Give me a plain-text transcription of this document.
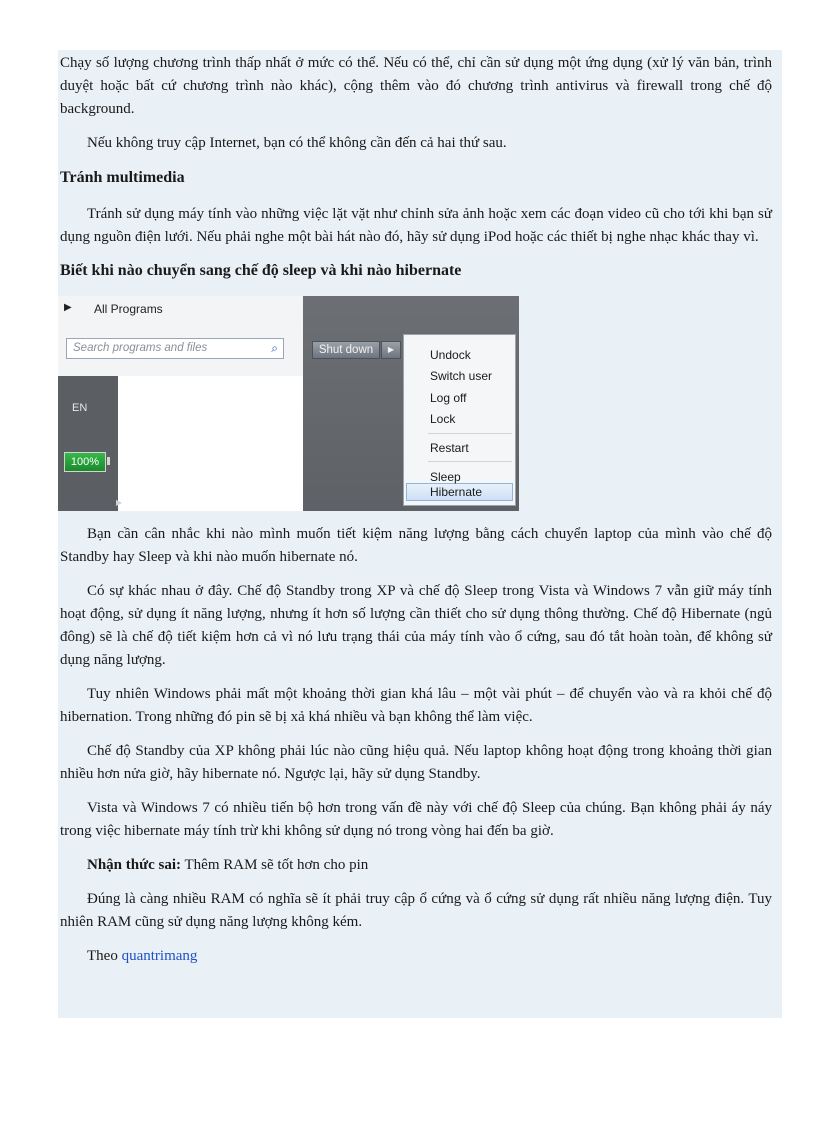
Chạy số lượng chương trình thấp nhất ở mức có thể. Nếu có thể, chỉ cần sử dụng một ứng dụng (xử lý văn bản, trình duyệt hoặc bất cứ chương trình nào khác), cộng thêm vào đó chương trình antivirus và firewall trong chế độ background.

Nếu không truy cập Internet, bạn có thể không cần đến cả hai thứ sau.

Tránh multimedia

Tránh sử dụng máy tính vào những việc lặt vặt như chỉnh sửa ảnh hoặc xem các đoạn video cũ cho tới khi bạn sử dụng nguồn điện lưới. Nếu phải nghe một bài hát nào đó, hãy sử dụng iPod hoặc các thiết bị nghe nhạc khác thay vì.

Biết khi nào chuyển sang chế độ sleep và khi nào hibernate
▶ All Programs
Search programs and files	⌕	Shut down	▶
EN
100%
▶
Undock
Switch user
Log off
Lock
Restart
Sleep
Hibernate

Bạn cần cân nhắc khi nào mình muốn tiết kiệm năng lượng bằng cách chuyển laptop của mình vào chế độ Standby hay Sleep và khi nào muốn hibernate nó.

Có sự khác nhau ở đây. Chế độ Standby trong XP và chế độ Sleep trong Vista và Windows 7 vẫn giữ máy tính hoạt động, sử dụng ít năng lượng, nhưng ít hơn số lượng cần thiết cho sử dụng thông thường. Chế độ Hibernate (ngủ đông) sẽ là chế độ tiết kiệm hơn cả vì nó lưu trạng thái của máy tính vào ổ cứng, sau đó tắt hoàn toàn, để không sử dụng năng lượng.

Tuy nhiên Windows phải mất một khoảng thời gian khá lâu – một vài phút – để chuyển vào và ra khỏi chế độ hibernation. Trong những đó pin sẽ bị xả khá nhiều và bạn không thể làm việc.

Chế độ Standby của XP không phải lúc nào cũng hiệu quả. Nếu laptop không hoạt động trong khoảng thời gian nhiều hơn nửa giờ, hãy hibernate nó. Ngược lại, hãy sử dụng Standby.

Vista và Windows 7 có nhiều tiến bộ hơn trong vấn đề này với chế độ Sleep của chúng. Bạn không phải áy náy trong việc hibernate máy tính trừ khi không sử dụng nó trong vòng hai đến ba giờ.

Nhận thức sai: Thêm RAM sẽ tốt hơn cho pin

Đúng là càng nhiều RAM có nghĩa sẽ ít phải truy cập ổ cứng và ổ cứng sử dụng rất nhiều năng lượng điện. Tuy nhiên RAM cũng sử dụng năng lượng không kém.

Theo quantrimang
